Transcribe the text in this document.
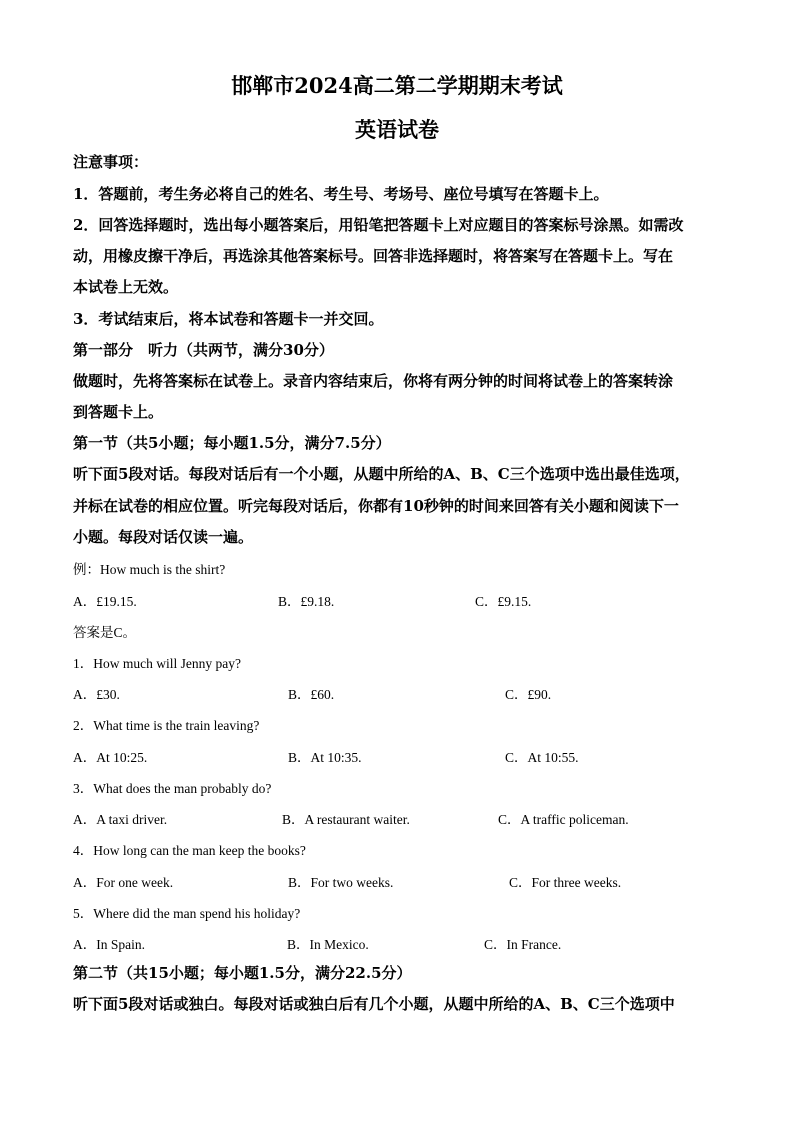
邯郸市2024高二第二学期期末考试
英语试卷
注意事项：
1．答题前，考生务必将自己的姓名、考生号、考场号、座位号填写在答题卡上。
2．回答选择题时，选出每小题答案后，用铅笔把答题卡上对应题目的答案标号涂黑。如需改
动，用橡皮擦干净后，再选涂其他答案标号。回答非选择题时，将答案写在答题卡上。写在
本试卷上无效。
3．考试结束后，将本试卷和答题卡一并交回。
第一部分　听力（共两节，满分30分）
做题时，先将答案标在试卷上。录音内容结束后，你将有两分钟的时间将试卷上的答案转涂
到答题卡上。
第一节（共5小题；每小题1.5分，满分7.5分）
听下面5段对话。每段对话后有一个小题，从题中所给的A、B、C三个选项中选出最佳选项，
并标在试卷的相应位置。听完每段对话后，你都有10秒钟的时间来回答有关小题和阅读下一
小题。每段对话仅读一遍。
例：How much is the shirt?
A．£19.15.	B．£9.18.	C．£9.15.
答案是C。
1．How much will Jenny pay?
A．£30.	B．£60.	C．£90.
2．What time is the train leaving?
A．At 10:25.	B．At 10:35.	C．At 10:55.
3．What does the man probably do?
A．A taxi driver.	B．A restaurant waiter.	C．A traffic policeman.
4．How long can the man keep the books?
A．For one week.	B．For two weeks.	C．For three weeks.
5．Where did the man spend his holiday?
A．In Spain.	B．In Mexico.	C．In France.
第二节（共15小题；每小题1.5分，满分22.5分）
听下面5段对话或独白。每段对话或独白后有几个小题，从题中所给的A、B、C三个选项中
